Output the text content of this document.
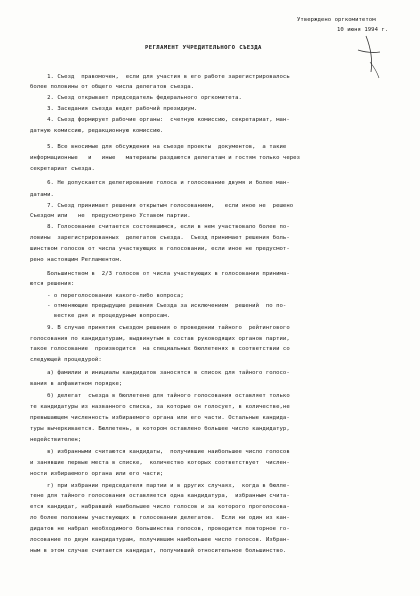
Утверждено оргкомитетом
10 июня 1994 г.
РЕГЛАМЕНТ УЧРЕДИТЕЛЬНОГО СЪЕЗДА
1. Съезд  правомочен,  если для участия в его работе зарегистрировалось
более половины от общего числа делегатов съезда.
2. Съезд открывает председатель федерального оргкомитета.
3. Заседания съезда ведет рабочий президиум.
4. Съезд формирует рабочие органы:  счетную комиссию, секретариат, ман-
датную комиссию, редакционную комиссию.
5. Все вносимые для обсуждения на съезде проекты  документов,  а такие
информационные   и   иные   материалы раздаются делегатам и гостям только через
секретариат съезда.
6. Не допускается делегирование голоса и голосование двумя и более ман-
датами.
7. Съезд принимает решения открытым голосованием,   если иное не  решено
Съездом или   не  предусмотрено Уставом партии.
8. Голосование считается состоявшимся, если в нем участвовало более по-
ловины  зарегистрированных  делегатов съезда.  Съезд принимает решения боль-
шинством голосов от числа участвующих в голосовании, если иное не предусмот-
рено настоящим Регламентом.
Большинством в  2/3 голосов от числа участвующих в голосовании принима-
ются решения:
- о переголосовании какого-либо вопроса;
- отменяющие предыдущие решения Съезда за исключением  решений  по по-
вестке дня и процедурным вопросам.
9. В случае принятия съездом решения о проведении тайного  рейтингового
голосования по кандидатурам, выдвинутым в состав руководящих органов партии,
такое голосование  производится  на специальных бюллетенях в соответствии со
следующей процедурой:
а) фамилии и инициалы кандидатов заносятся в список для тайного голосо-
вания в алфавитном порядке;
б) делегат  съезда в бюллетене для тайного голосования оставляет только
те кандидатуры из названного списка, за которые он голосует, в количестве,не
превышающем численность избираемого органа или его части. Остальные кандида-
туры вычеркивается. Бюллетень, в котором оставлено большее число кандидатур,
недействителен;
в) избранными считаются кандидаты,  получившие наибольшее число голосов
и занявшие первые места в списке,  количество которых соответствует  числен-
ности избираемого органа или его части;
г) при избрании председателя партии и в других случаях,  когда в бюлле-
тене для тайного голосования оставляется одна кандидатура,  избранным счита-
ется кандидат, набравший наибольшее число голосов и за которого проголосова-
ло более половины участвующих в голосовании делегатов.  Если ни один из кан-
дидатов не набрал необходимого большинства голосов, проводится повторное го-
лосование по двум кандидатурам, получившим наибольшее число голосов. Избран-
ным в этом случае считается кандидат, получивший относительное большинство.
